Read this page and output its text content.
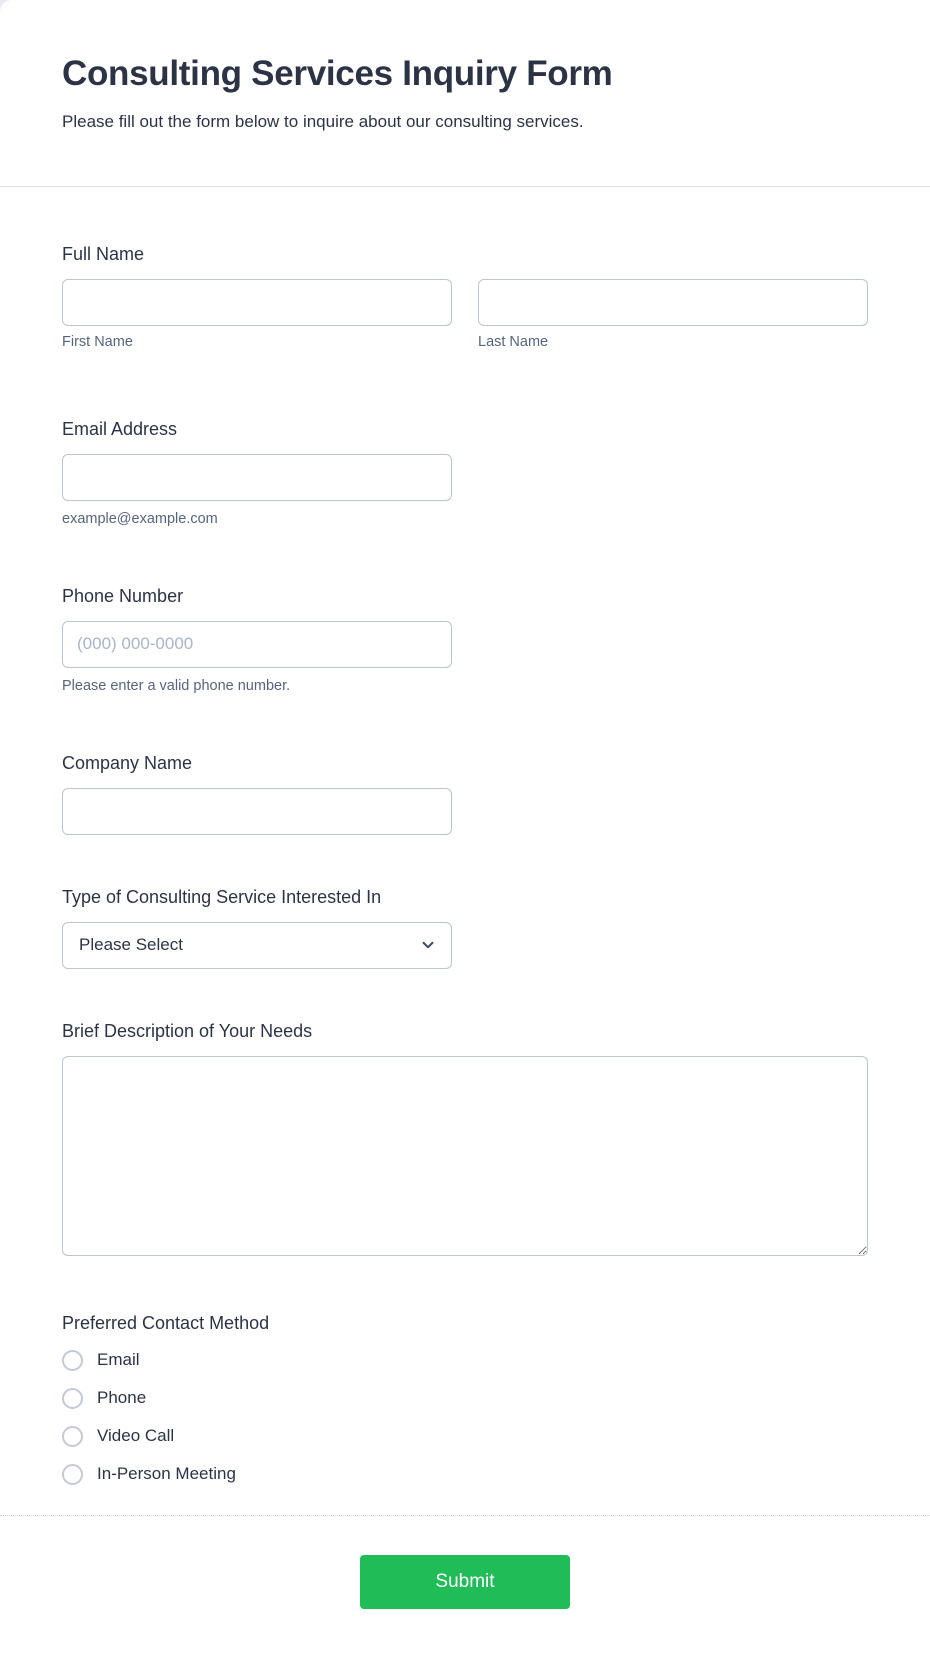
Consulting Services Inquiry Form

Please fill out the form below to inquire about our consulting services.

Full Name
First Name	Last Name
Email Address
example@example.com
Phone Number
(000) 000-0000
Please enter a valid phone number.
Company Name
Type of Consulting Service Interested In
Please Select
Brief Description of Your Needs
Preferred Contact Method
Email
Phone
Video Call
In-Person Meeting
Submit
